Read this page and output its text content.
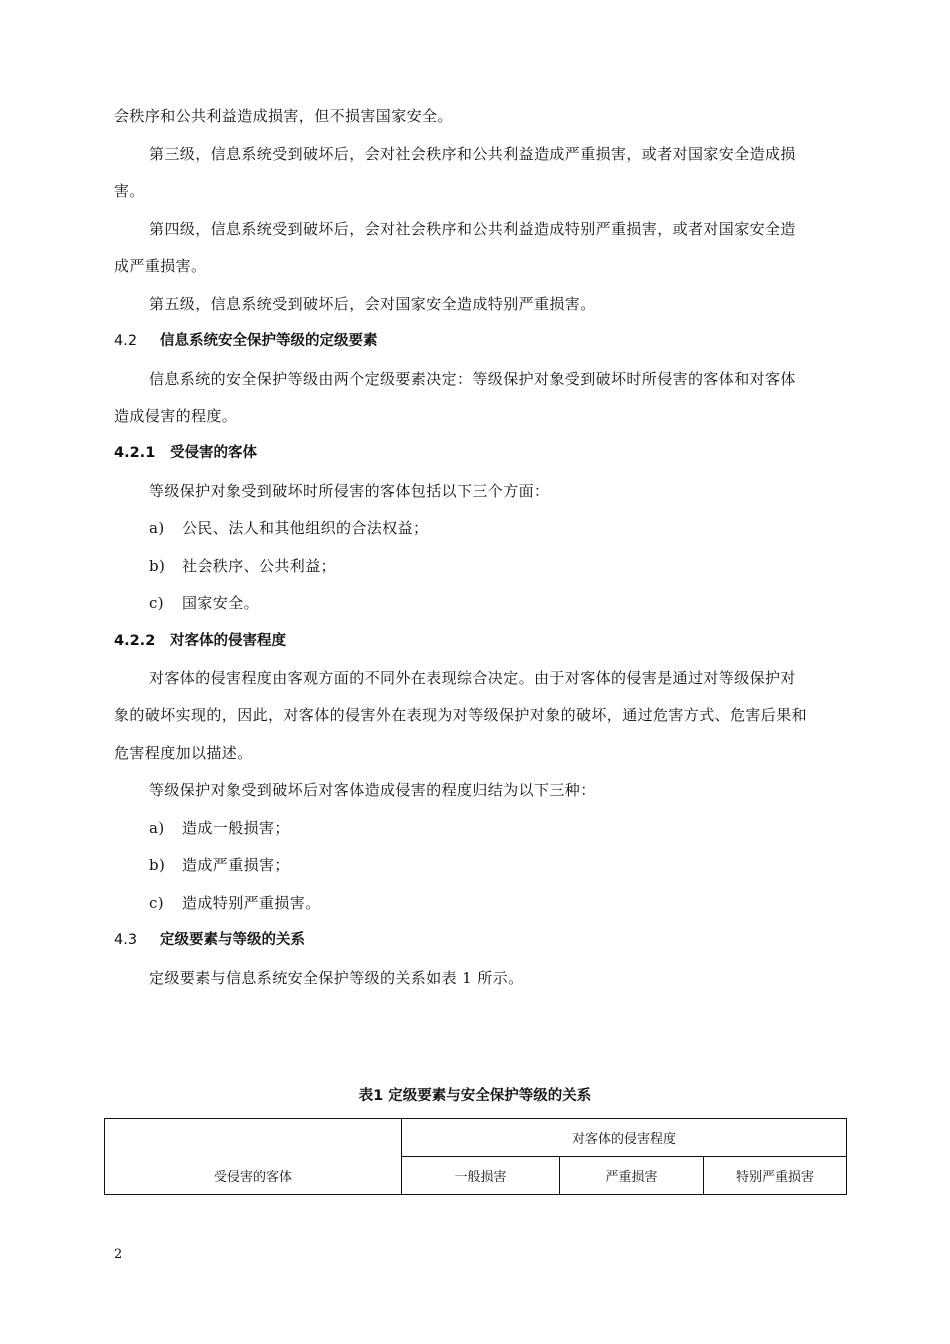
会秩序和公共利益造成损害，但不损害国家安全。
第三级，信息系统受到破坏后，会对社会秩序和公共利益造成严重损害，或者对国家安全造成损
害。
第四级，信息系统受到破坏后，会对社会秩序和公共利益造成特别严重损害，或者对国家安全造
成严重损害。
第五级，信息系统受到破坏后，会对国家安全造成特别严重损害。
4.2 信息系统安全保护等级的定级要素
信息系统的安全保护等级由两个定级要素决定：等级保护对象受到破坏时所侵害的客体和对客体
造成侵害的程度。
4.2.1 受侵害的客体
等级保护对象受到破坏时所侵害的客体包括以下三个方面：
a) 公民、法人和其他组织的合法权益；
b) 社会秩序、公共利益；
c) 国家安全。
4.2.2 对客体的侵害程度
对客体的侵害程度由客观方面的不同外在表现综合决定。由于对客体的侵害是通过对等级保护对
象的破坏实现的，因此，对客体的侵害外在表现为对等级保护对象的破坏，通过危害方式、危害后果和
危害程度加以描述。
等级保护对象受到破坏后对客体造成侵害的程度归结为以下三种：
a) 造成一般损害；
b) 造成严重损害；
c) 造成特别严重损害。
4.3 定级要素与等级的关系
定级要素与信息系统安全保护等级的关系如表 1 所示。
表1 定级要素与安全保护等级的关系
受侵害的客体	对客体的侵害程度		
	一般损害	严重损害	特别严重损害
2
